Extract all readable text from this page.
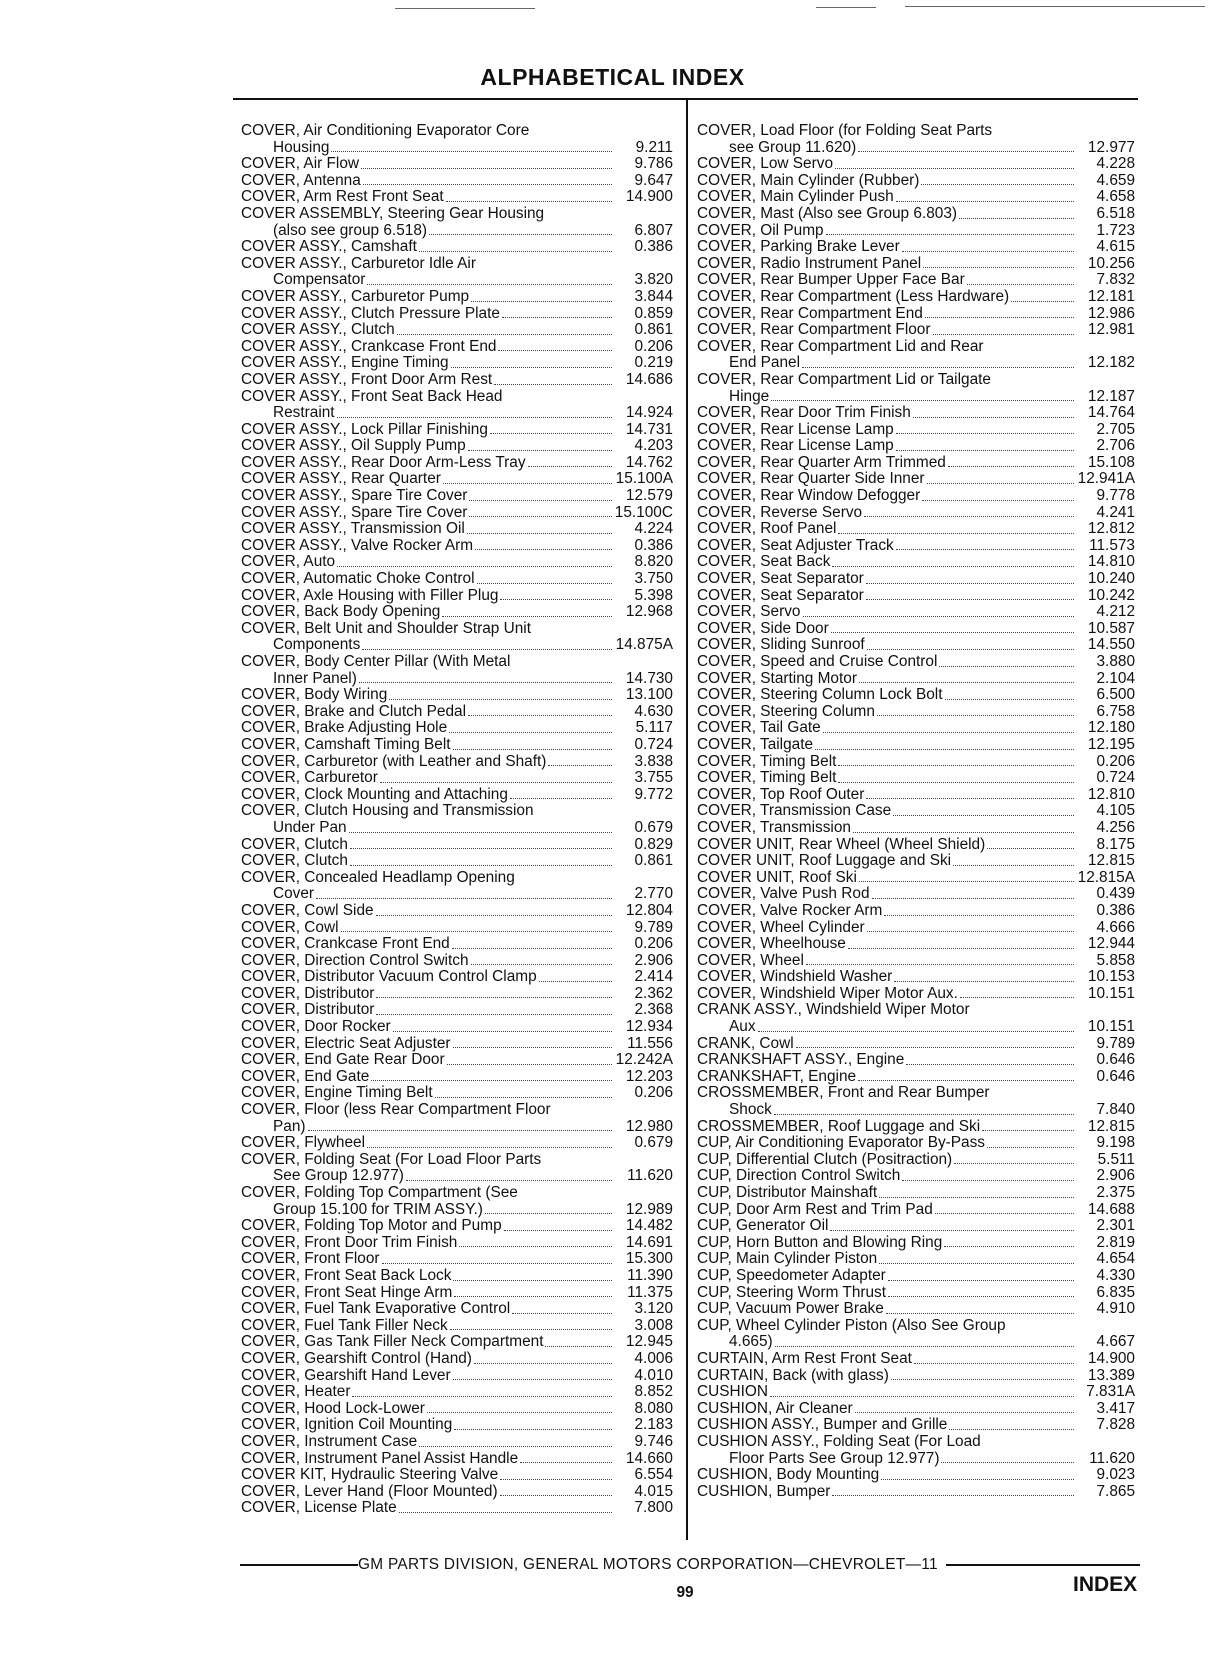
ALPHABETICAL INDEX
COVER, Air Conditioning Evaporator Core
Housing	9.211
COVER, Air Flow	9.786
COVER, Antenna	9.647
COVER, Arm Rest Front Seat	14.900
COVER ASSEMBLY, Steering Gear Housing
(also see group 6.518)	6.807
COVER ASSY., Camshaft	0.386
COVER ASSY., Carburetor Idle Air
Compensator	3.820
COVER ASSY., Carburetor Pump	3.844
COVER ASSY., Clutch Pressure Plate	0.859
COVER ASSY., Clutch	0.861
COVER ASSY., Crankcase Front End	0.206
COVER ASSY., Engine Timing	0.219
COVER ASSY., Front Door Arm Rest	14.686
COVER ASSY., Front Seat Back Head
Restraint	14.924
COVER ASSY., Lock Pillar Finishing	14.731
COVER ASSY., Oil Supply Pump	4.203
COVER ASSY., Rear Door Arm-Less Tray	14.762
COVER ASSY., Rear Quarter	15.100A
COVER ASSY., Spare Tire Cover	12.579
COVER ASSY., Spare Tire Cover	15.100C
COVER ASSY., Transmission Oil	4.224
COVER ASSY., Valve Rocker Arm	0.386
COVER, Auto	8.820
COVER, Automatic Choke Control	3.750
COVER, Axle Housing with Filler Plug	5.398
COVER, Back Body Opening	12.968
COVER, Belt Unit and Shoulder Strap Unit
Components	14.875A
COVER, Body Center Pillar (With Metal
Inner Panel)	14.730
COVER, Body Wiring	13.100
COVER, Brake and Clutch Pedal	4.630
COVER, Brake Adjusting Hole	5.117
COVER, Camshaft Timing Belt	0.724
COVER, Carburetor (with Leather and Shaft)	3.838
COVER, Carburetor	3.755
COVER, Clock Mounting and Attaching	9.772
COVER, Clutch Housing and Transmission
Under Pan	0.679
COVER, Clutch	0.829
COVER, Clutch	0.861
COVER, Concealed Headlamp Opening
Cover	2.770
COVER, Cowl Side	12.804
COVER, Cowl	9.789
COVER, Crankcase Front End	0.206
COVER, Direction Control Switch	2.906
COVER, Distributor Vacuum Control Clamp	2.414
COVER, Distributor	2.362
COVER, Distributor	2.368
COVER, Door Rocker	12.934
COVER, Electric Seat Adjuster	11.556
COVER, End Gate Rear Door	12.242A
COVER, End Gate	12.203
COVER, Engine Timing Belt	0.206
COVER, Floor (less Rear Compartment Floor
Pan)	12.980
COVER, Flywheel	0.679
COVER, Folding Seat (For Load Floor Parts
See Group 12.977)	11.620
COVER, Folding Top Compartment (See
Group 15.100 for TRIM ASSY.)	12.989
COVER, Folding Top Motor and Pump	14.482
COVER, Front Door Trim Finish	14.691
COVER, Front Floor	15.300
COVER, Front Seat Back Lock	11.390
COVER, Front Seat Hinge Arm	11.375
COVER, Fuel Tank Evaporative Control	3.120
COVER, Fuel Tank Filler Neck	3.008
COVER, Gas Tank Filler Neck Compartment	12.945
COVER, Gearshift Control (Hand)	4.006
COVER, Gearshift Hand Lever	4.010
COVER, Heater	8.852
COVER, Hood Lock-Lower	8.080
COVER, Ignition Coil Mounting	2.183
COVER, Instrument Case	9.746
COVER, Instrument Panel Assist Handle	14.660
COVER KIT, Hydraulic Steering Valve	6.554
COVER, Lever Hand (Floor Mounted)	4.015
COVER, License Plate	7.800
COVER, Load Floor (for Folding Seat Parts
see Group 11.620)	12.977
COVER, Low Servo	4.228
COVER, Main Cylinder (Rubber)	4.659
COVER, Main Cylinder Push	4.658
COVER, Mast (Also see Group 6.803)	6.518
COVER, Oil Pump	1.723
COVER, Parking Brake Lever	4.615
COVER, Radio Instrument Panel	10.256
COVER, Rear Bumper Upper Face Bar	7.832
COVER, Rear Compartment (Less Hardware)	12.181
COVER, Rear Compartment End	12.986
COVER, Rear Compartment Floor	12.981
COVER, Rear Compartment Lid and Rear
End Panel	12.182
COVER, Rear Compartment Lid or Tailgate
Hinge	12.187
COVER, Rear Door Trim Finish	14.764
COVER, Rear License Lamp	2.705
COVER, Rear License Lamp	2.706
COVER, Rear Quarter Arm Trimmed	15.108
COVER, Rear Quarter Side Inner	12.941A
COVER, Rear Window Defogger	9.778
COVER, Reverse Servo	4.241
COVER, Roof Panel	12.812
COVER, Seat Adjuster Track	11.573
COVER, Seat Back	14.810
COVER, Seat Separator	10.240
COVER, Seat Separator	10.242
COVER, Servo	4.212
COVER, Side Door	10.587
COVER, Sliding Sunroof	14.550
COVER, Speed and Cruise Control	3.880
COVER, Starting Motor	2.104
COVER, Steering Column Lock Bolt	6.500
COVER, Steering Column	6.758
COVER, Tail Gate	12.180
COVER, Tailgate	12.195
COVER, Timing Belt	0.206
COVER, Timing Belt	0.724
COVER, Top Roof Outer	12.810
COVER, Transmission Case	4.105
COVER, Transmission	4.256
COVER UNIT, Rear Wheel (Wheel Shield)	8.175
COVER UNIT, Roof Luggage and Ski	12.815
COVER UNIT, Roof Ski	12.815A
COVER, Valve Push Rod	0.439
COVER, Valve Rocker Arm	0.386
COVER, Wheel Cylinder	4.666
COVER, Wheelhouse	12.944
COVER, Wheel	5.858
COVER, Windshield Washer	10.153
COVER, Windshield Wiper Motor Aux.	10.151
CRANK ASSY., Windshield Wiper Motor
Aux	10.151
CRANK, Cowl	9.789
CRANKSHAFT ASSY., Engine	0.646
CRANKSHAFT, Engine	0.646
CROSSMEMBER, Front and Rear Bumper
Shock	7.840
CROSSMEMBER, Roof Luggage and Ski	12.815
CUP, Air Conditioning Evaporator By-Pass	9.198
CUP, Differential Clutch (Positraction)	5.511
CUP, Direction Control Switch	2.906
CUP, Distributor Mainshaft	2.375
CUP, Door Arm Rest and Trim Pad	14.688
CUP, Generator Oil	2.301
CUP, Horn Button and Blowing Ring	2.819
CUP, Main Cylinder Piston	4.654
CUP, Speedometer Adapter	4.330
CUP, Steering Worm Thrust	6.835
CUP, Vacuum Power Brake	4.910
CUP, Wheel Cylinder Piston (Also See Group
4.665)	4.667
CURTAIN, Arm Rest Front Seat	14.900
CURTAIN, Back (with glass)	13.389
CUSHION	7.831A
CUSHION, Air Cleaner	3.417
CUSHION ASSY., Bumper and Grille	7.828
CUSHION ASSY., Folding Seat (For Load
Floor Parts See Group 12.977)	11.620
CUSHION, Body Mounting	9.023
CUSHION, Bumper	7.865
GM PARTS DIVISION, GENERAL MOTORS CORPORATION—CHEVROLET—11
99	INDEX
